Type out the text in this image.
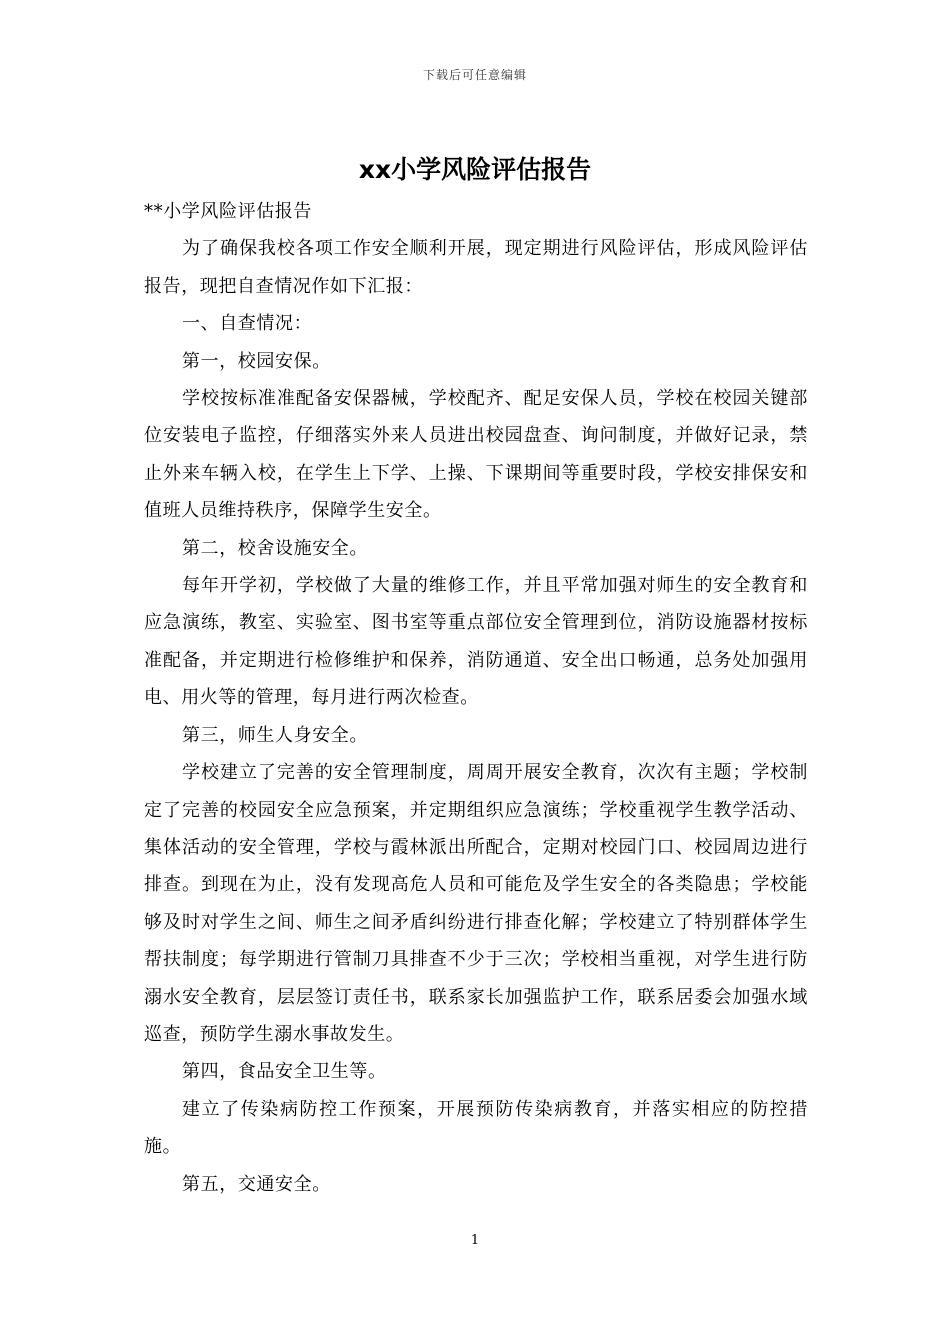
下载后可任意编辑
xx小学风险评估报告

**小学风险评估报告

为了确保我校各项工作安全顺利开展，现定期进行风险评估，形成风险评估报告，现把自查情况作如下汇报：

一、自查情况：

第一，校园安保。

学校按标准准配备安保器械，学校配齐、配足安保人员，学校在校园关键部位安装电子监控，仔细落实外来人员进出校园盘查、询问制度，并做好记录，禁止外来车辆入校，在学生上下学、上操、下课期间等重要时段，学校安排保安和值班人员维持秩序，保障学生安全。

第二，校舍设施安全。

每年开学初，学校做了大量的维修工作，并且平常加强对师生的安全教育和应急演练，教室、实验室、图书室等重点部位安全管理到位，消防设施器材按标准配备，并定期进行检修维护和保养，消防通道、安全出口畅通，总务处加强用电、用火等的管理，每月进行两次检查。

第三，师生人身安全。

学校建立了完善的安全管理制度，周周开展安全教育，次次有主题；学校制定了完善的校园安全应急预案，并定期组织应急演练；学校重视学生教学活动、集体活动的安全管理，学校与霞林派出所配合，定期对校园门口、校园周边进行排查。到现在为止，没有发现高危人员和可能危及学生安全的各类隐患；学校能够及时对学生之间、师生之间矛盾纠纷进行排查化解；学校建立了特别群体学生帮扶制度；每学期进行管制刀具排查不少于三次；学校相当重视，对学生进行防溺水安全教育，层层签订责任书，联系家长加强监护工作，联系居委会加强水域巡查，预防学生溺水事故发生。

第四，食品安全卫生等。

建立了传染病防控工作预案，开展预防传染病教育，并落实相应的防控措施。

第五，交通安全。

1
